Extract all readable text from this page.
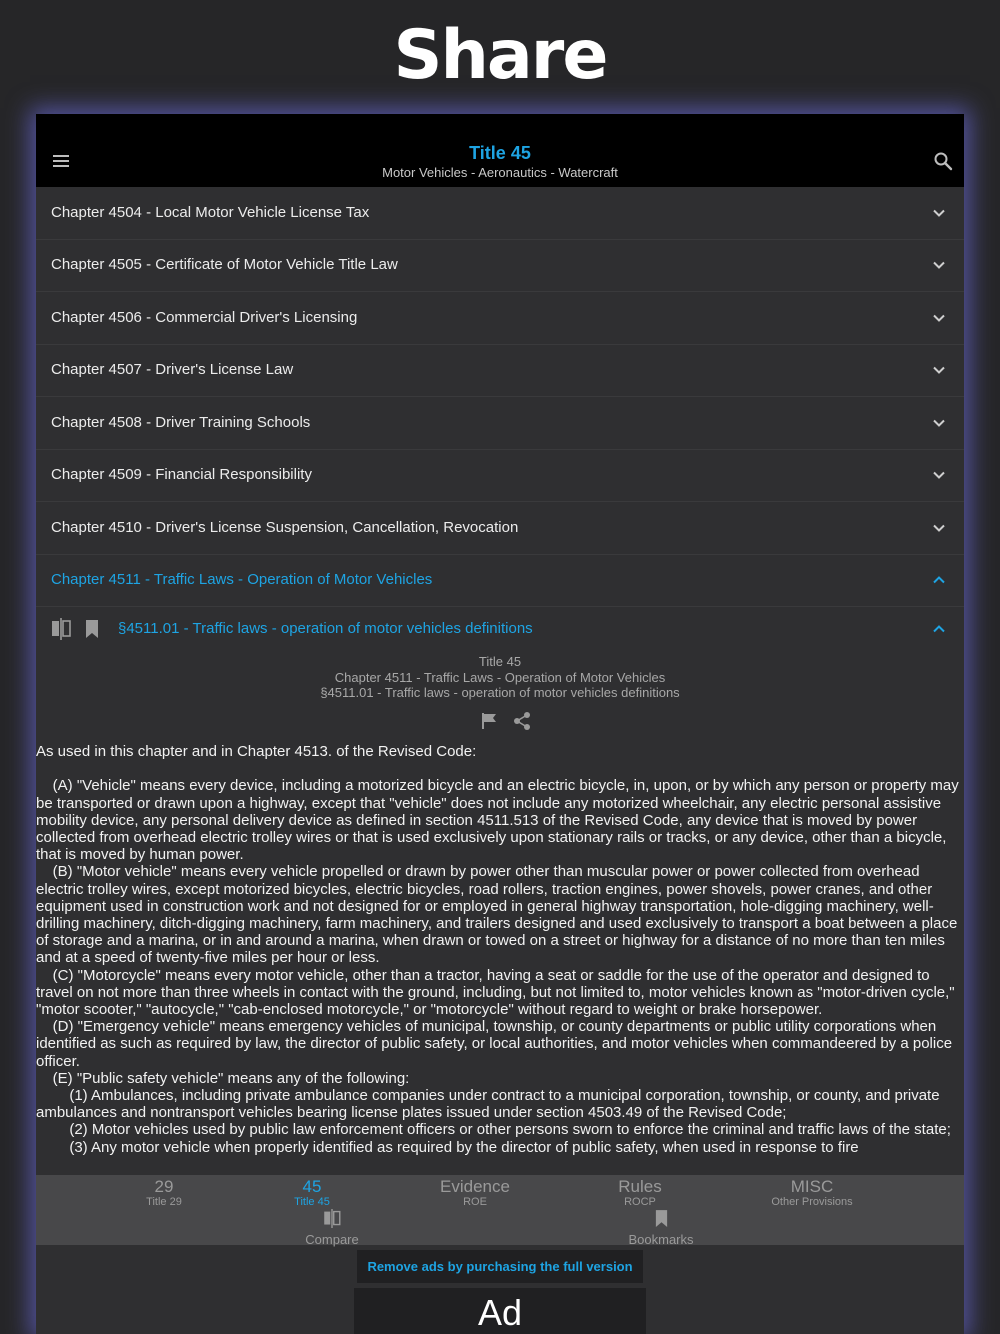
Share
Title 45
Motor Vehicles - Aeronautics - Watercraft
Chapter 4504 - Local Motor Vehicle License Tax
Chapter 4505 - Certificate of Motor Vehicle Title Law
Chapter 4506 - Commercial Driver's Licensing
Chapter 4507 - Driver's License Law
Chapter 4508 - Driver Training Schools
Chapter 4509 - Financial Responsibility
Chapter 4510 - Driver's License Suspension, Cancellation, Revocation
Chapter 4511 - Traffic Laws - Operation of Motor Vehicles
§4511.01 - Traffic laws - operation of motor vehicles definitions
Title 45
Chapter 4511 - Traffic Laws - Operation of Motor Vehicles
§4511.01 - Traffic laws - operation of motor vehicles definitions
As used in this chapter and in Chapter 4513. of the Revised Code:

(A) "Vehicle" means every device, including a motorized bicycle and an electric bicycle, in, upon, or by which any person or property may be transported or drawn upon a highway, except that "vehicle" does not include any motorized wheelchair, any electric personal assistive mobility device, any personal delivery device as defined in section 4511.513 of the Revised Code, any device that is moved by power collected from overhead electric trolley wires or that is used exclusively upon stationary rails or tracks, or any device, other than a bicycle, that is moved by human power.
(B) "Motor vehicle" means every vehicle propelled or drawn by power other than muscular power or power collected from overhead electric trolley wires, except motorized bicycles, electric bicycles, road rollers, traction engines, power shovels, power cranes, and other equipment used in construction work and not designed for or employed in general highway transportation, hole-digging machinery, well-drilling machinery, ditch-digging machinery, farm machinery, and trailers designed and used exclusively to transport a boat between a place of storage and a marina, or in and around a marina, when drawn or towed on a street or highway for a distance of no more than ten miles and at a speed of twenty-five miles per hour or less.
(C) "Motorcycle" means every motor vehicle, other than a tractor, having a seat or saddle for the use of the operator and designed to travel on not more than three wheels in contact with the ground, including, but not limited to, motor vehicles known as "motor-driven cycle," "motor scooter," "autocycle," "cab-enclosed motorcycle," or "motorcycle" without regard to weight or brake horsepower.
(D) "Emergency vehicle" means emergency vehicles of municipal, township, or county departments or public utility corporations when identified as such as required by law, the director of public safety, or local authorities, and motor vehicles when commandeered by a police officer.
(E) "Public safety vehicle" means any of the following:
(1) Ambulances, including private ambulance companies under contract to a municipal corporation, township, or county, and private ambulances and nontransport vehicles bearing license plates issued under section 4503.49 of the Revised Code;
(2) Motor vehicles used by public law enforcement officers or other persons sworn to enforce the criminal and traffic laws of the state;
(3) Any motor vehicle when properly identified as required by the director of public safety, when used in response to fire
29
Title 29
45
Title 45
Evidence
ROE
Rules
ROCP
MISC
Other Provisions
Compare	Bookmarks
Remove ads by purchasing the full version
Ad
